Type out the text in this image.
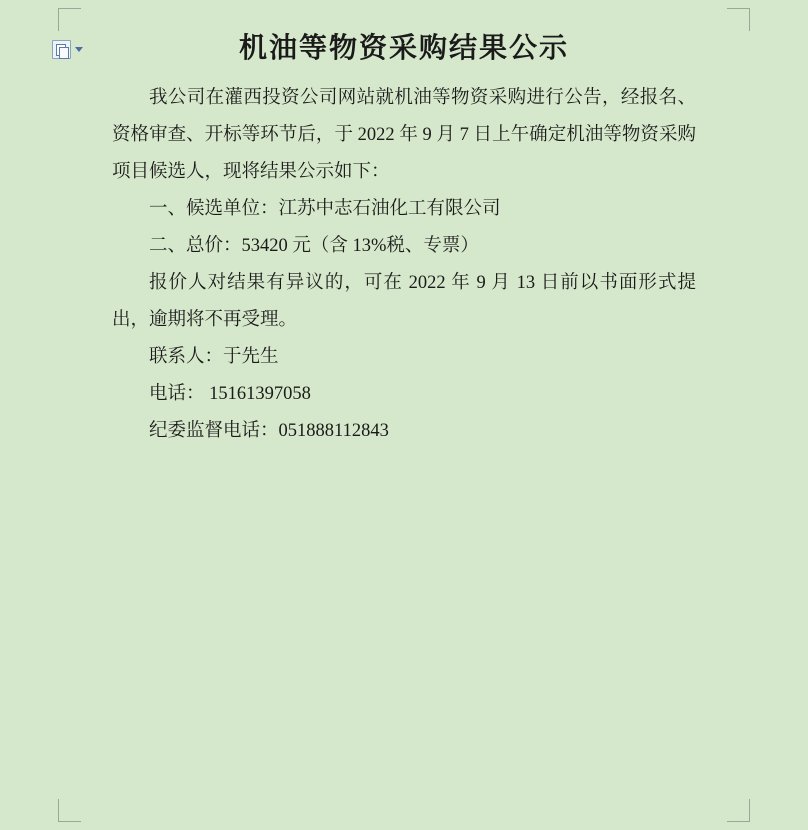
机油等物资采购结果公示

我公司在灌西投资公司网站就机油等物资采购进行公告，经报名、资格审查、开标等环节后，于 2022 年 9 月 7 日上午确定机油等物资采购项目候选人，现将结果公示如下：

一、候选单位：江苏中志石油化工有限公司

二、总价：53420 元（含 13%税、专票）

报价人对结果有异议的，可在 2022 年 9 月 13 日前以书面形式提出，逾期将不再受理。

联系人：于先生

电话： 15161397058

纪委监督电话：051888112843
